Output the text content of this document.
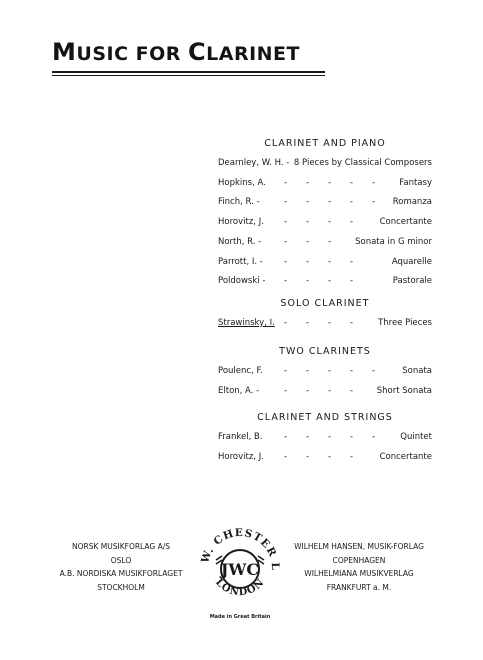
MUSIC FOR CLARINET
CLARINET AND PIANO
Dearnley, W. H. - 8 Pieces by Classical Composers
Hopkins, A. - - - - -	Fantasy
Finch, R. -	- - - - - Romanza
Horovitz, J. - - - -	Concertante
North, R. -	- - -	Sonata in G minor
Parrott, I. - - - - -	Aquarelle
Poldowski - - - - -	Pastorale
SOLO CLARINET
Strawinsky, I. - - - -	Three Pieces
TWO CLARINETS
Poulenc, F.	- - - - -	Sonata
Elton, A. -	- - - -	Short Sonata
CLARINET AND STRINGS
Frankel, B.	- - - - -	Quintet
Horovitz, J. - - - -	Concertante
NORSK MUSIKFORLAG A/S
OSLO
A.B. NORDISKA MUSIKFORLAGET
STOCKHOLM
W. CHESTER L
LONDON
JWC
WILHELM HANSEN, MUSIK-FORLAG
COPENHAGEN
WILHELMIANA MUSIKVERLAG
FRANKFURT a. M.
Made in Great Britain
